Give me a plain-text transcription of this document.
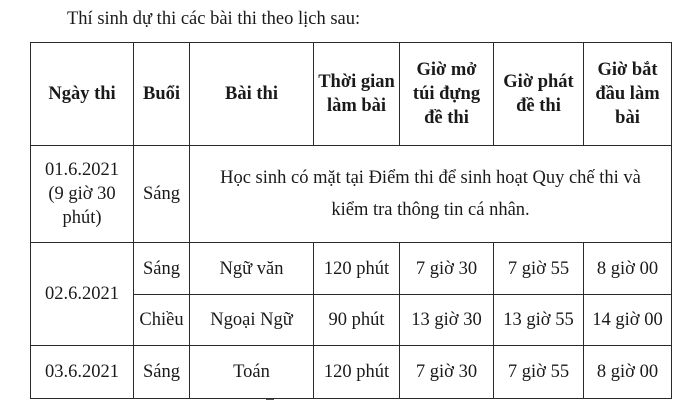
Thí sinh dự thi các bài thi theo lịch sau:
Ngày thi	Buổi	Bài thi	Thời gian làm bài	Giờ mở túi đựng đề thi	Giờ phát đề thi	Giờ bắt đầu làm bài

01.6.2021
(9 giờ 30
phút)	Sáng	Học sinh có mặt tại Điểm thi để sinh hoạt Quy chế thi và kiểm tra thông tin cá nhân.				
02.6.2021	Sáng	Ngữ văn	120 phút	7 giờ 30	7 giờ 55	8 giờ 00
	Chiều	Ngoại Ngữ	90 phút	13 giờ 30	13 giờ 55	14 giờ 00
03.6.2021	Sáng	Toán	120 phút	7 giờ 30	7 giờ 55	8 giờ 00
